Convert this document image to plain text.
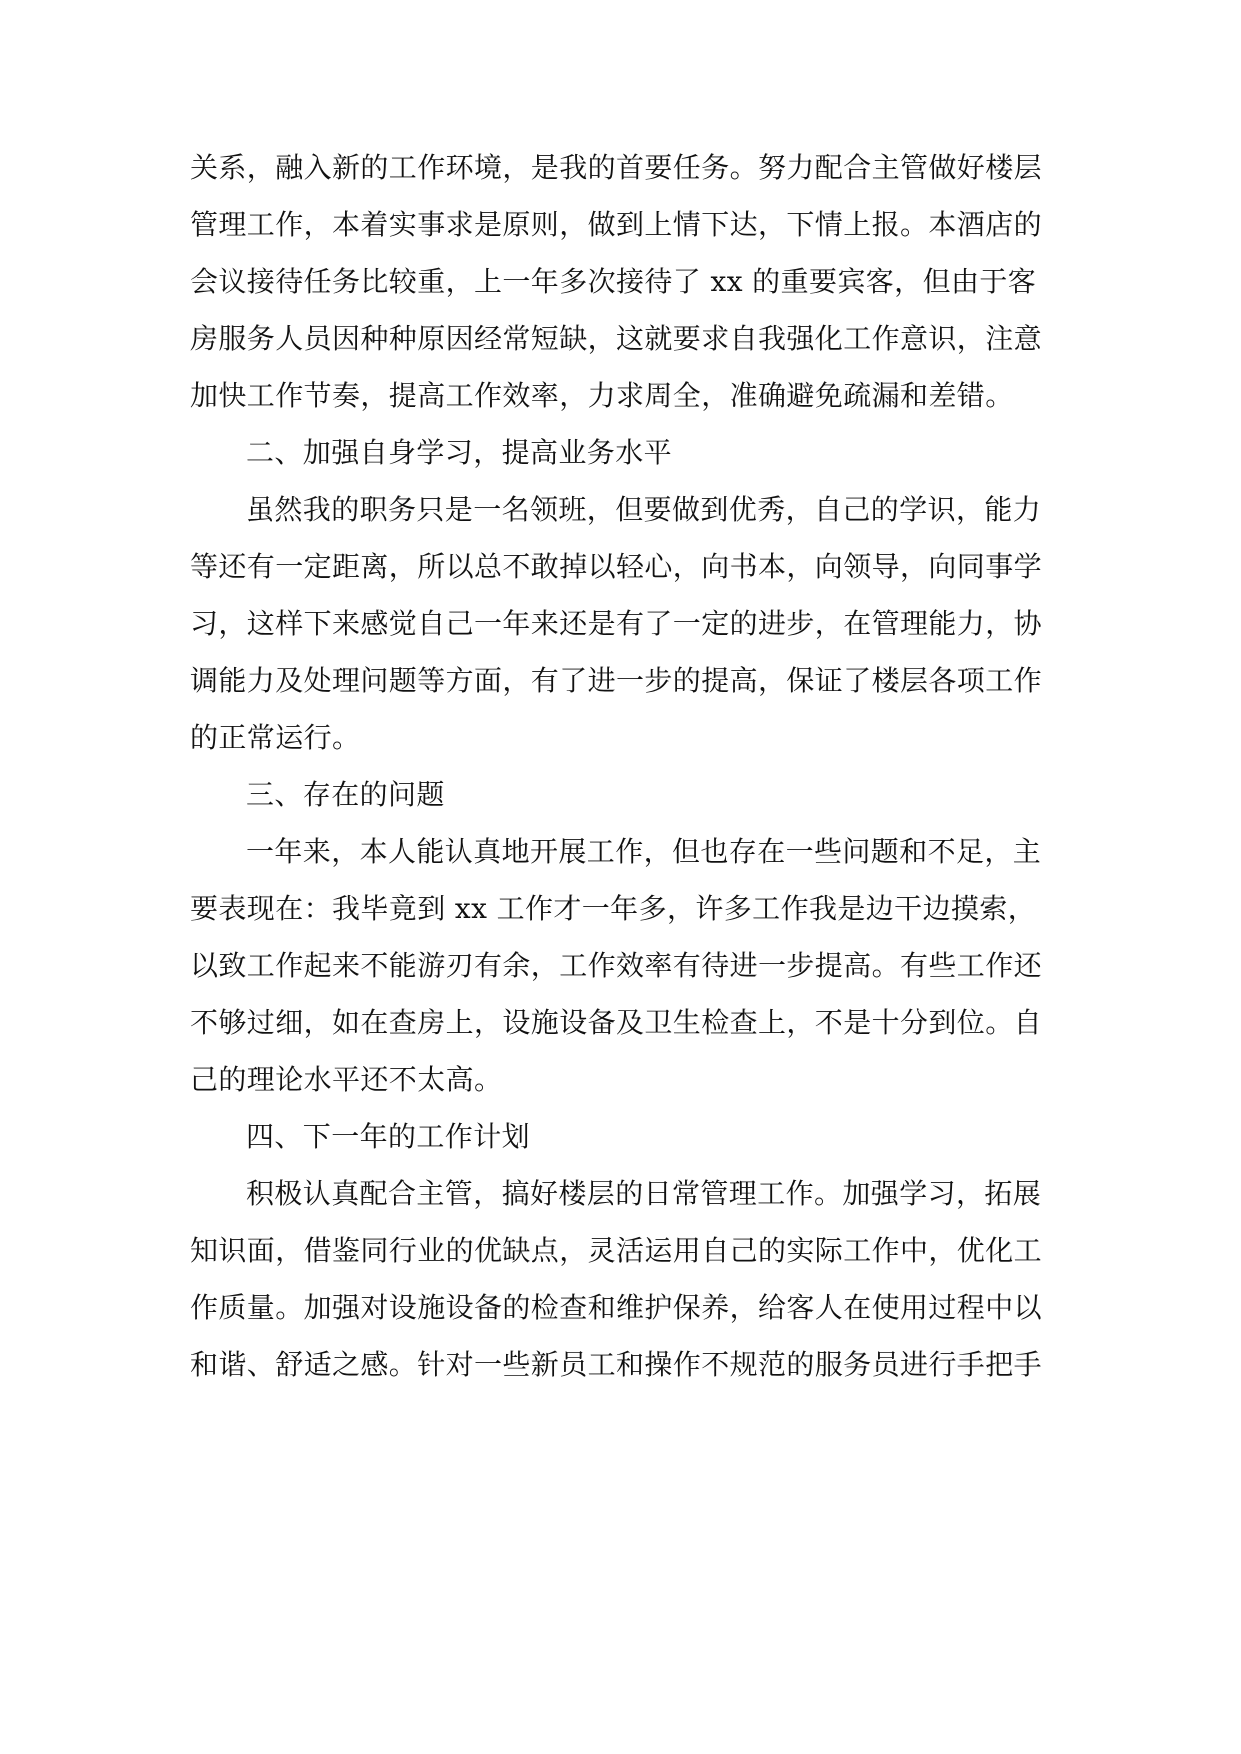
关系，融入新的工作环境，是我的首要任务。努力配合主管做好楼层
管理工作，本着实事求是原则，做到上情下达，下情上报。本酒店的
会议接待任务比较重，上一年多次接待了 xx 的重要宾客，但由于客
房服务人员因种种原因经常短缺，这就要求自我强化工作意识，注意
加快工作节奏，提高工作效率，力求周全，准确避免疏漏和差错。
二、加强自身学习，提高业务水平
虽然我的职务只是一名领班，但要做到优秀，自己的学识，能力
等还有一定距离，所以总不敢掉以轻心，向书本，向领导，向同事学
习，这样下来感觉自己一年来还是有了一定的进步，在管理能力，协
调能力及处理问题等方面，有了进一步的提高，保证了楼层各项工作
的正常运行。
三、存在的问题
一年来，本人能认真地开展工作，但也存在一些问题和不足，主
要表现在：我毕竟到 xx 工作才一年多，许多工作我是边干边摸索，
以致工作起来不能游刃有余，工作效率有待进一步提高。有些工作还
不够过细，如在查房上，设施设备及卫生检查上，不是十分到位。自
己的理论水平还不太高。
四、下一年的工作计划
积极认真配合主管，搞好楼层的日常管理工作。加强学习，拓展
知识面，借鉴同行业的优缺点，灵活运用自己的实际工作中，优化工
作质量。加强对设施设备的检查和维护保养，给客人在使用过程中以
和谐、舒适之感。针对一些新员工和操作不规范的服务员进行手把手
